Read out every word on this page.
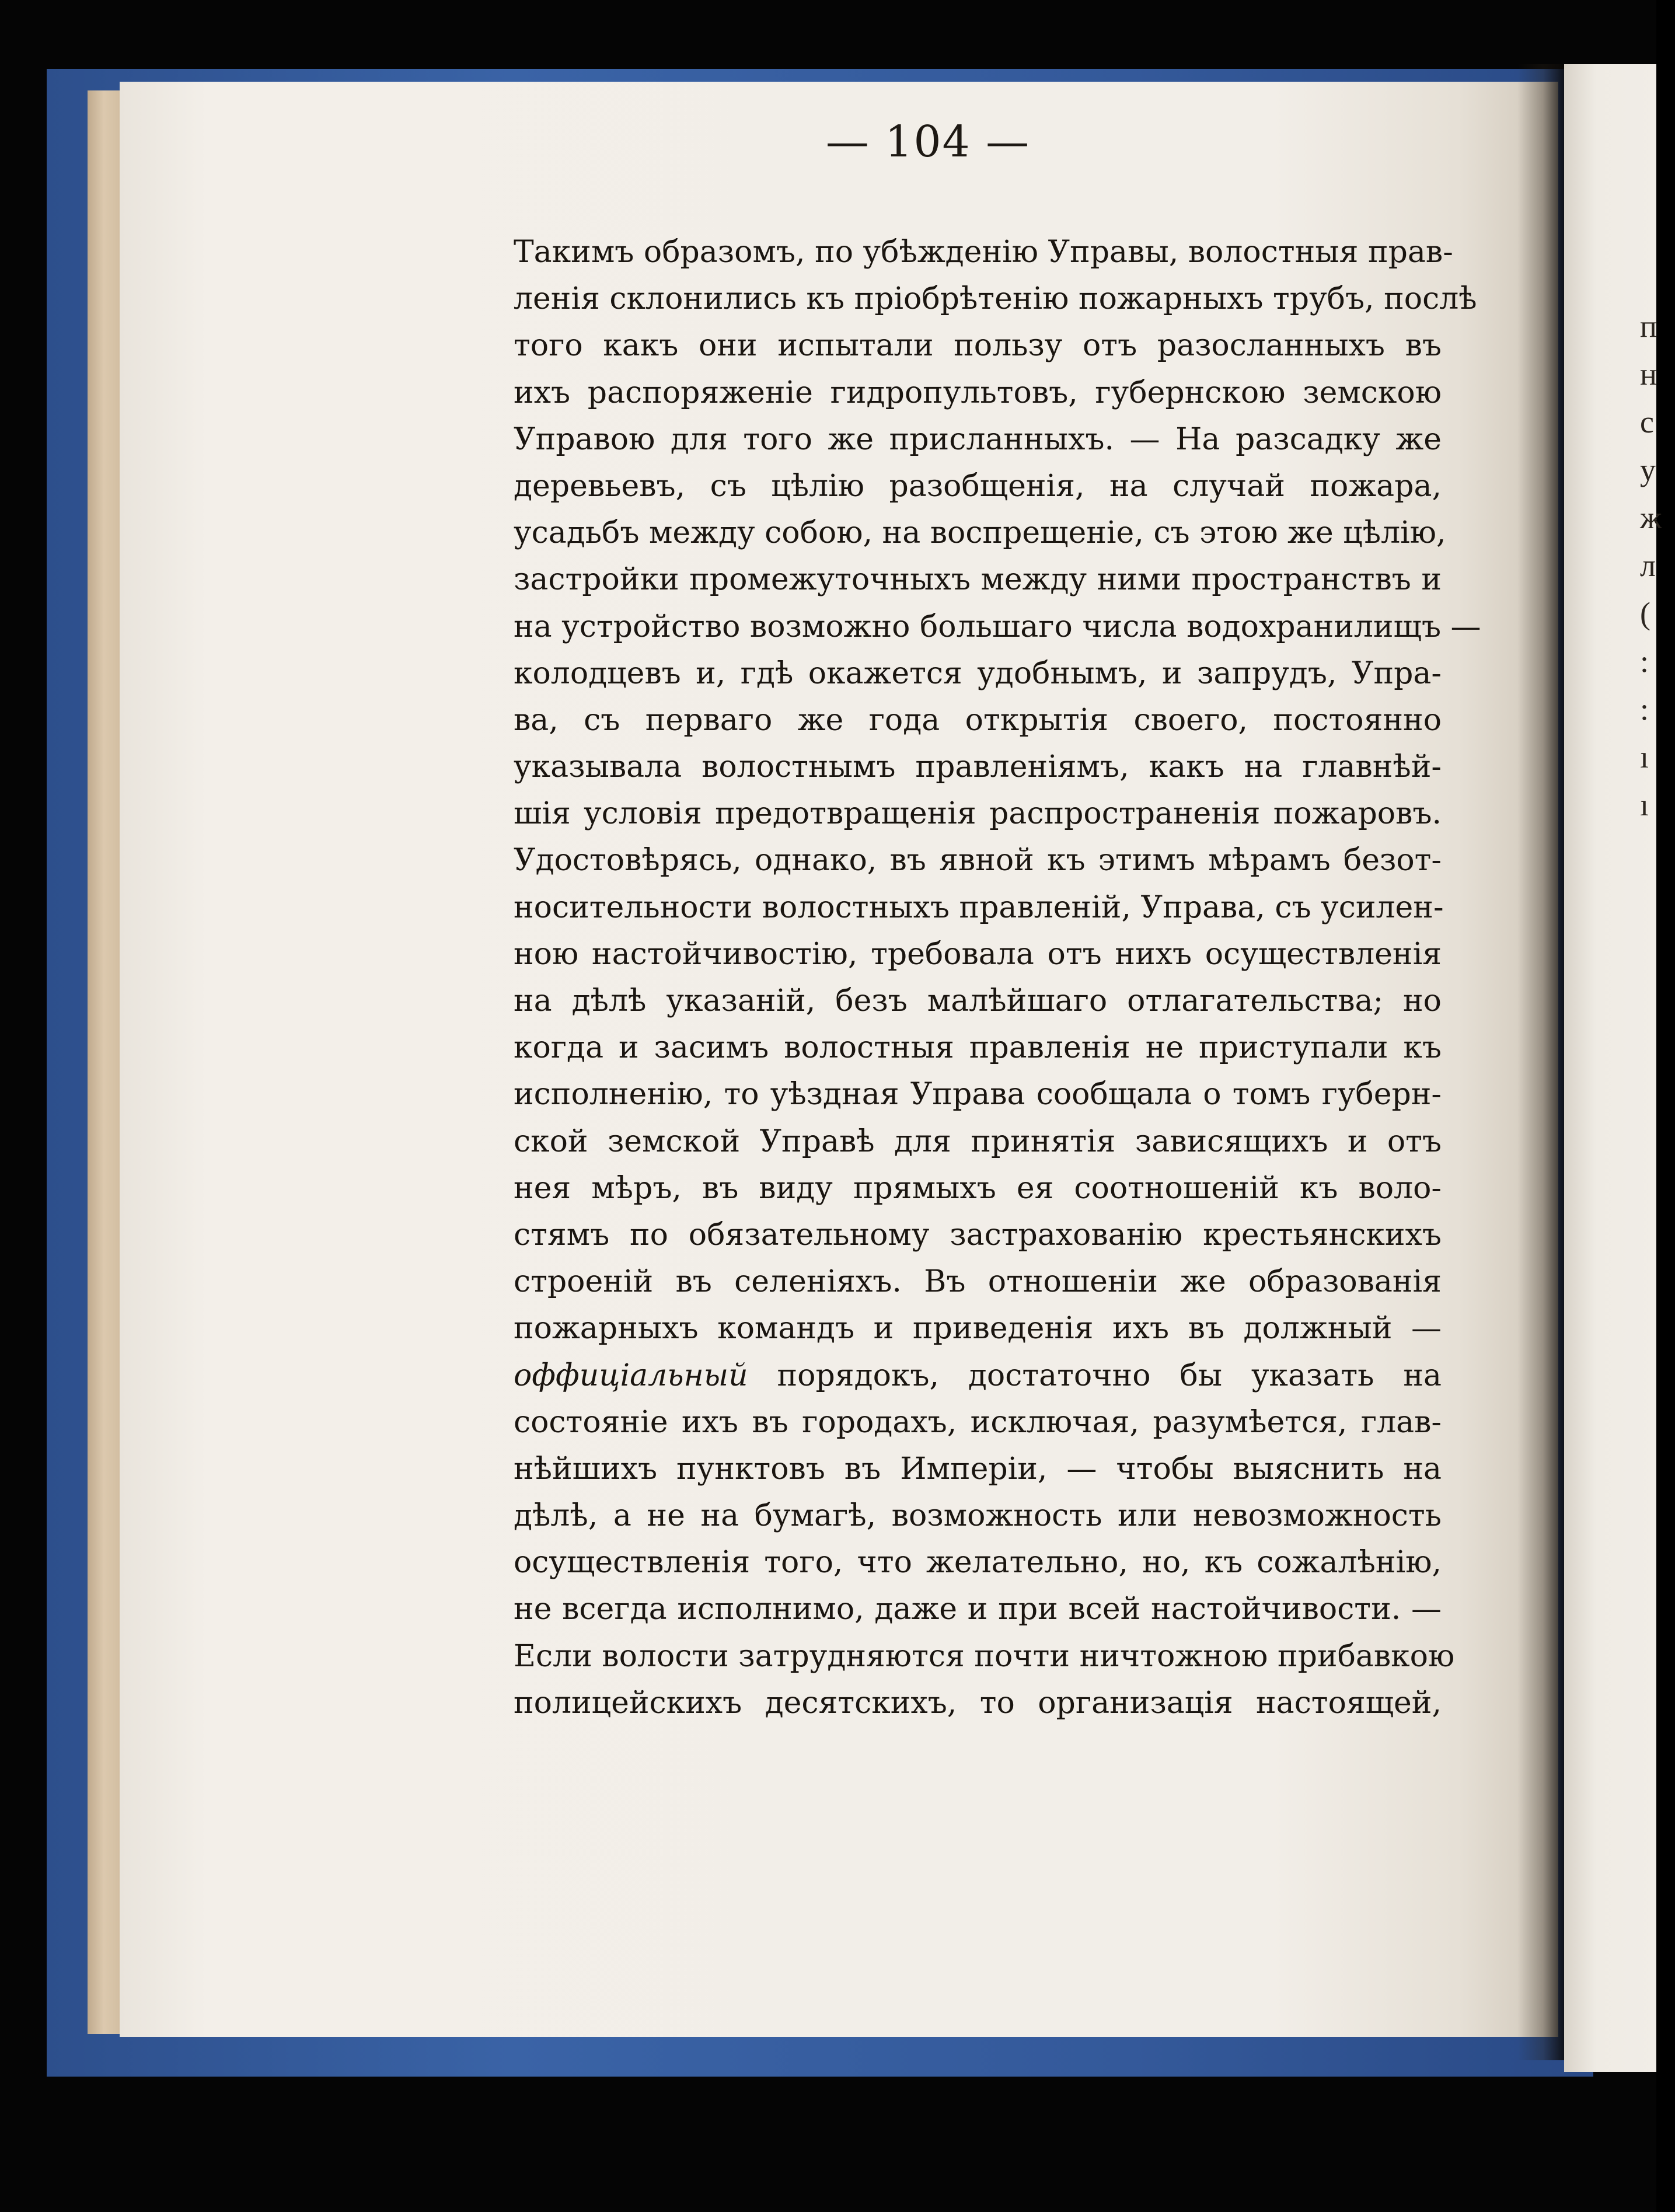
п
н
с
у
ж
л
(
:
:
ı
ı
— 104 —
Такимъ образомъ, по убѣжденію Управы, волостныя прав-
ленія склонились къ пріобрѣтенію пожарныхъ трубъ, послѣ
того какъ они испытали пользу отъ разосланныхъ въ
ихъ распоряженіе гидропультовъ, губернскою земскою
Управою для того же присланныхъ. — На разсадку же
деревьевъ, съ цѣлію разобщенія, на случай пожара,
усадьбъ между собою, на воспрещеніе, съ этою же цѣлію,
застройки промежуточныхъ между ними пространствъ и
на устройство возможно большаго числа водохранилищъ —
колодцевъ и, гдѣ окажется удобнымъ, и запрудъ, Упра-
ва, съ перваго же года открытія своего, постоянно
указывала волостнымъ правленіямъ, какъ на главнѣй-
шія условія предотвращенія распространенія пожаровъ.
Удостовѣрясь, однако, въ явной къ этимъ мѣрамъ безот-
носительности волостныхъ правленій, Управа, съ усилен-
ною настойчивостію, требовала отъ нихъ осуществленія
на дѣлѣ указаній, безъ малѣйшаго отлагательства; но
когда и засимъ волостныя правленія не приступали къ
исполненію, то уѣздная Управа сообщала о томъ губерн-
ской земской Управѣ для принятія зависящихъ и отъ
нея мѣръ, въ виду прямыхъ ея соотношеній къ воло-
стямъ по обязательному застрахованію крестьянскихъ
строеній въ селеніяхъ. Въ отношеніи же образованія
пожарныхъ командъ и приведенія ихъ въ должный —
оффиціальный порядокъ, достаточно бы указать на
состояніе ихъ въ городахъ, исключая, разумѣется, глав-
нѣйшихъ пунктовъ въ Имперіи, — чтобы выяснить на
дѣлѣ, а не на бумагѣ, возможность или невозможность
осуществленія того, что желательно, но, къ сожалѣнію,
не всегда исполнимо, даже и при всей настойчивости. —
Если волости затрудняются почти ничтожною прибавкою
полицейскихъ десятскихъ, то организація настоящей,
